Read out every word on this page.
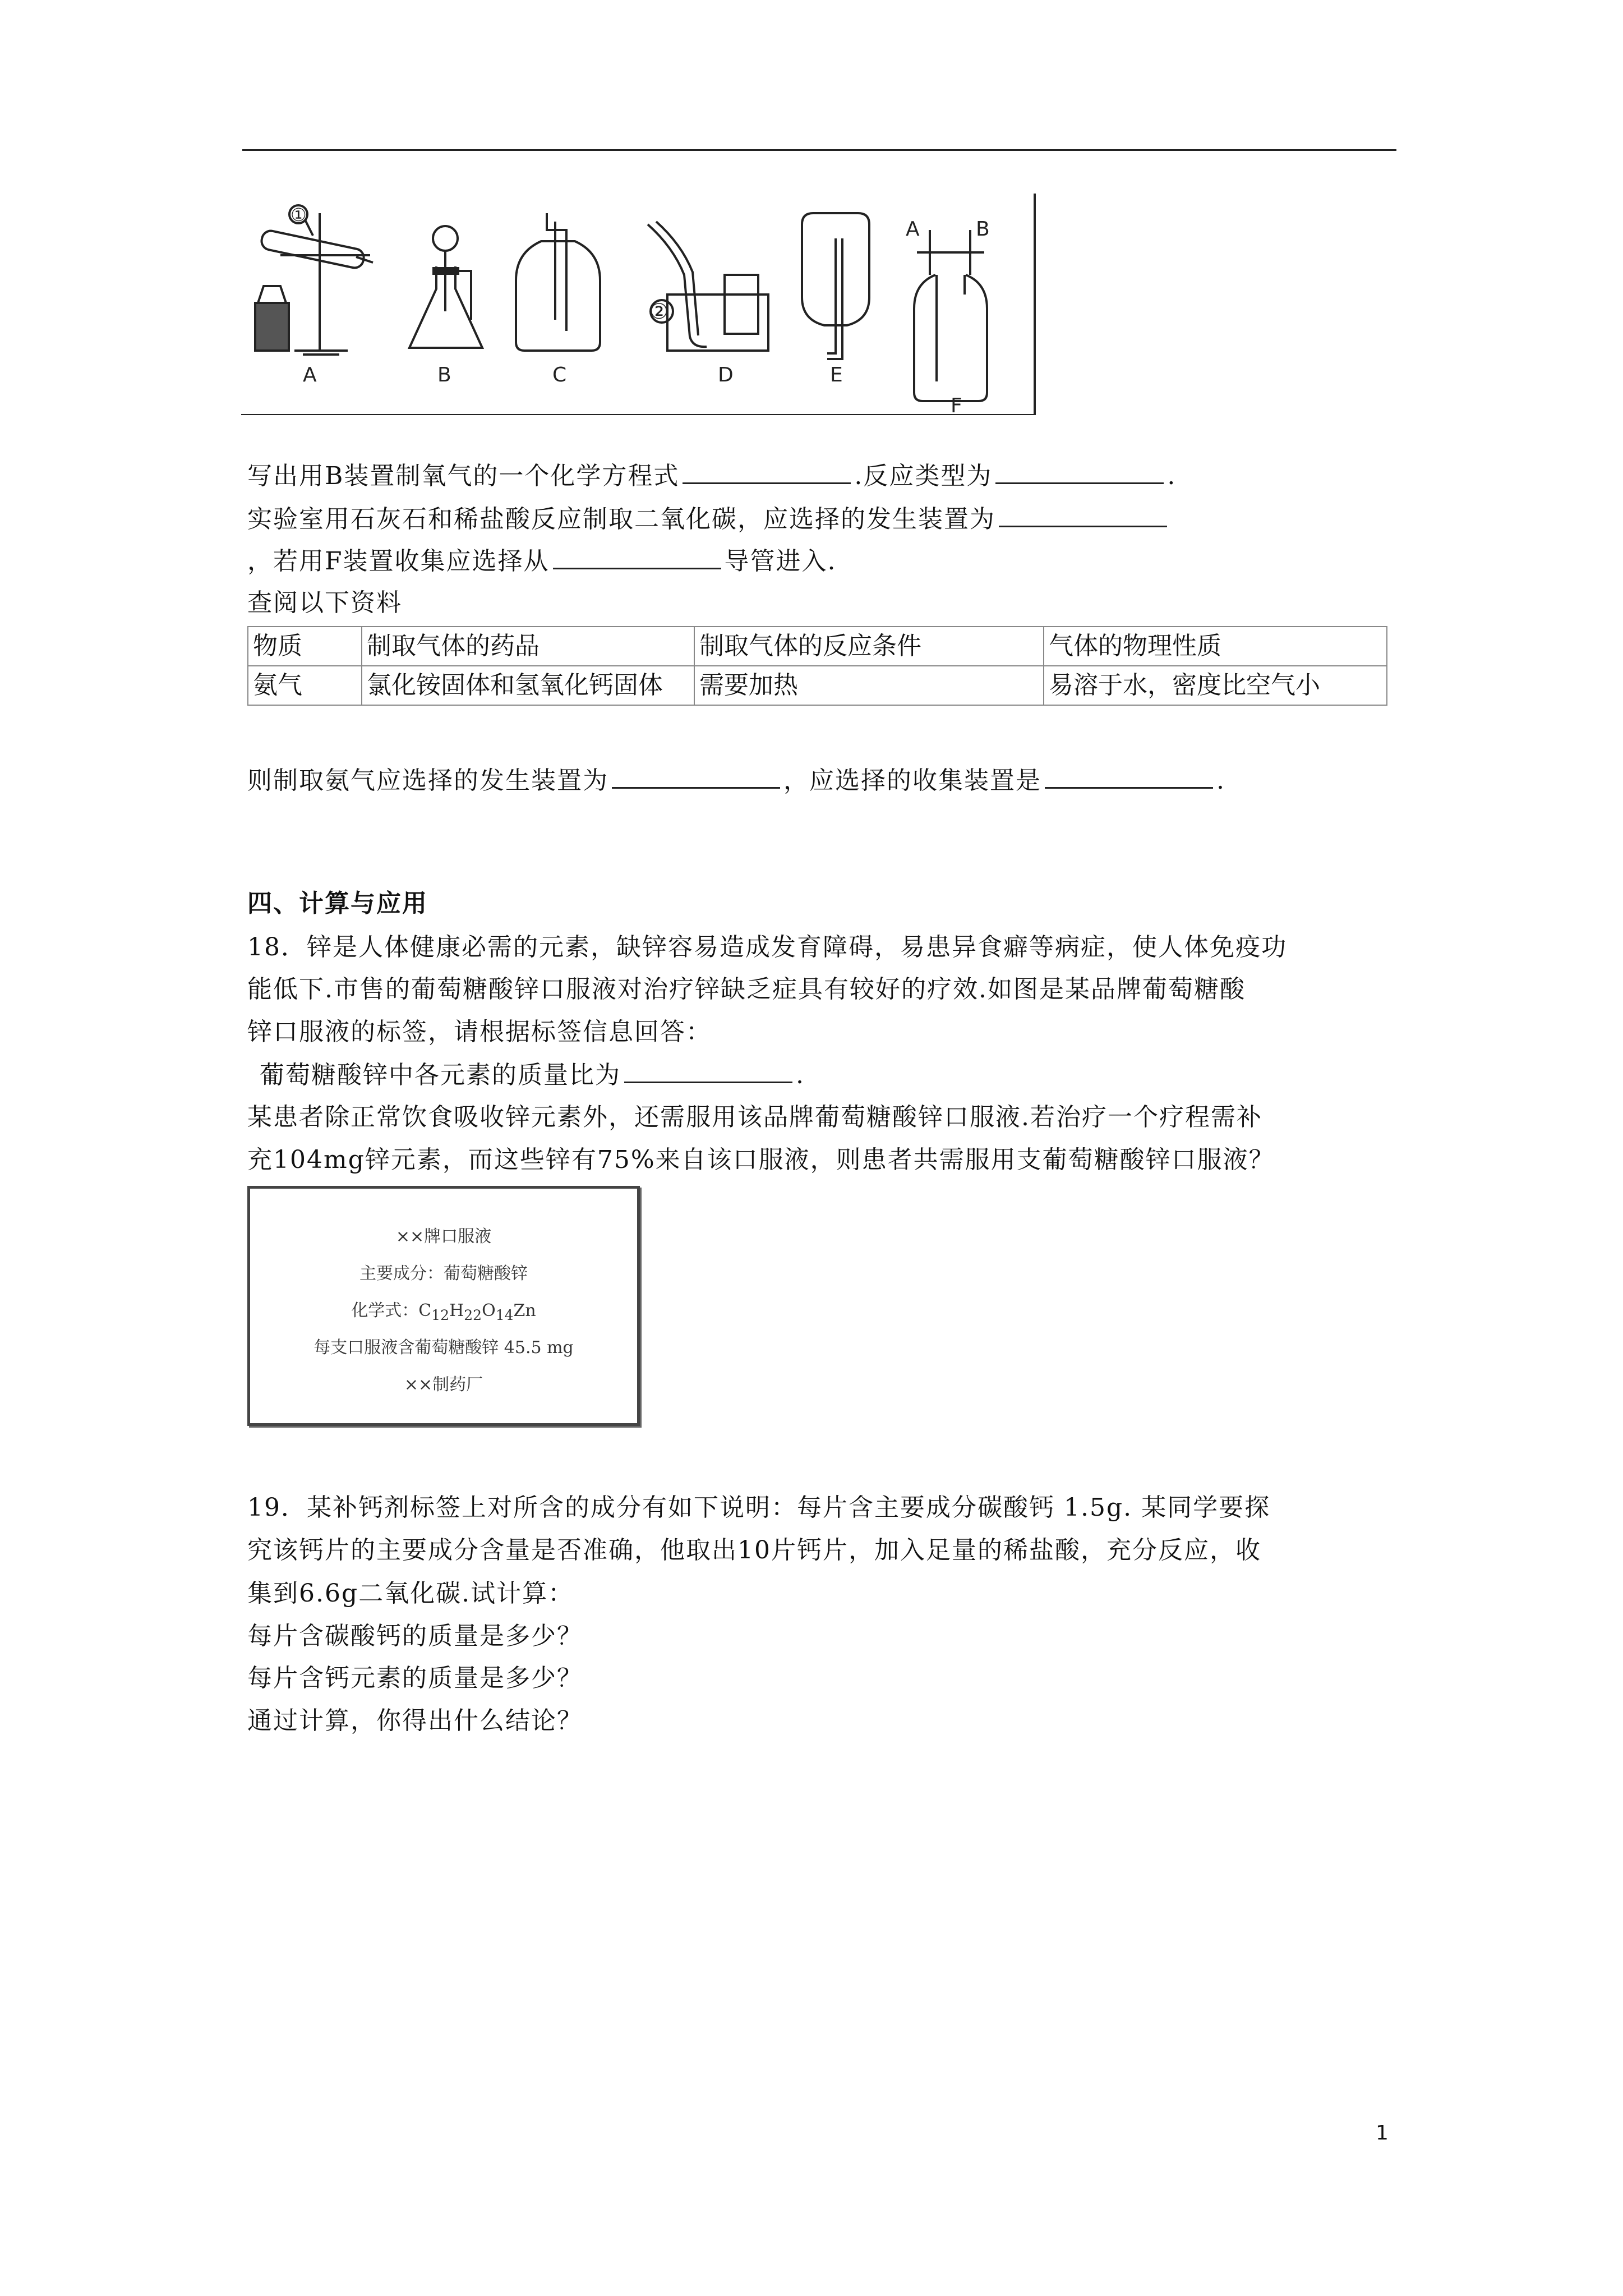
A	B	C	D	E
F
①
②
A	B
写出用B装置制氧气的一个化学方程式	.反应类型为	.
实验室用石灰石和稀盐酸反应制取二氧化碳，应选择的发生装置为
，若用F装置收集应选择从	导管进入.
查阅以下资料
物质	制取气体的药品	制取气体的反应条件	气体的物理性质
氨气	氯化铵固体和氢氧化钙固体	需要加热	易溶于水，密度比空气小
则制取氨气应选择的发生装置为	，应选择的收集装置是	.
四、计算与应用
18．锌是人体健康必需的元素，缺锌容易造成发育障碍，易患异食癖等病症，使人体免疫功
能低下.市售的葡萄糖酸锌口服液对治疗锌缺乏症具有较好的疗效.如图是某品牌葡萄糖酸
锌口服液的标签，请根据标签信息回答：
葡萄糖酸锌中各元素的质量比为	.
某患者除正常饮食吸收锌元素外，还需服用该品牌葡萄糖酸锌口服液.若治疗一个疗程需补
充104mg锌元素，而这些锌有75%来自该口服液，则患者共需服用支葡萄糖酸锌口服液？
××牌口服液
主要成分：葡萄糖酸锌
化学式：$C_{12}H_{22}O_{14}Zn$
每支口服液含葡萄糖酸锌 45.5 mg
××制药厂
19．某补钙剂标签上对所含的成分有如下说明：每片含主要成分碳酸钙 1.5g. 某同学要探
究该钙片的主要成分含量是否准确，他取出10片钙片，加入足量的稀盐酸，充分反应，收
集到6.6g二氧化碳.试计算：
每片含碳酸钙的质量是多少？
每片含钙元素的质量是多少？
通过计算，你得出什么结论？
1
